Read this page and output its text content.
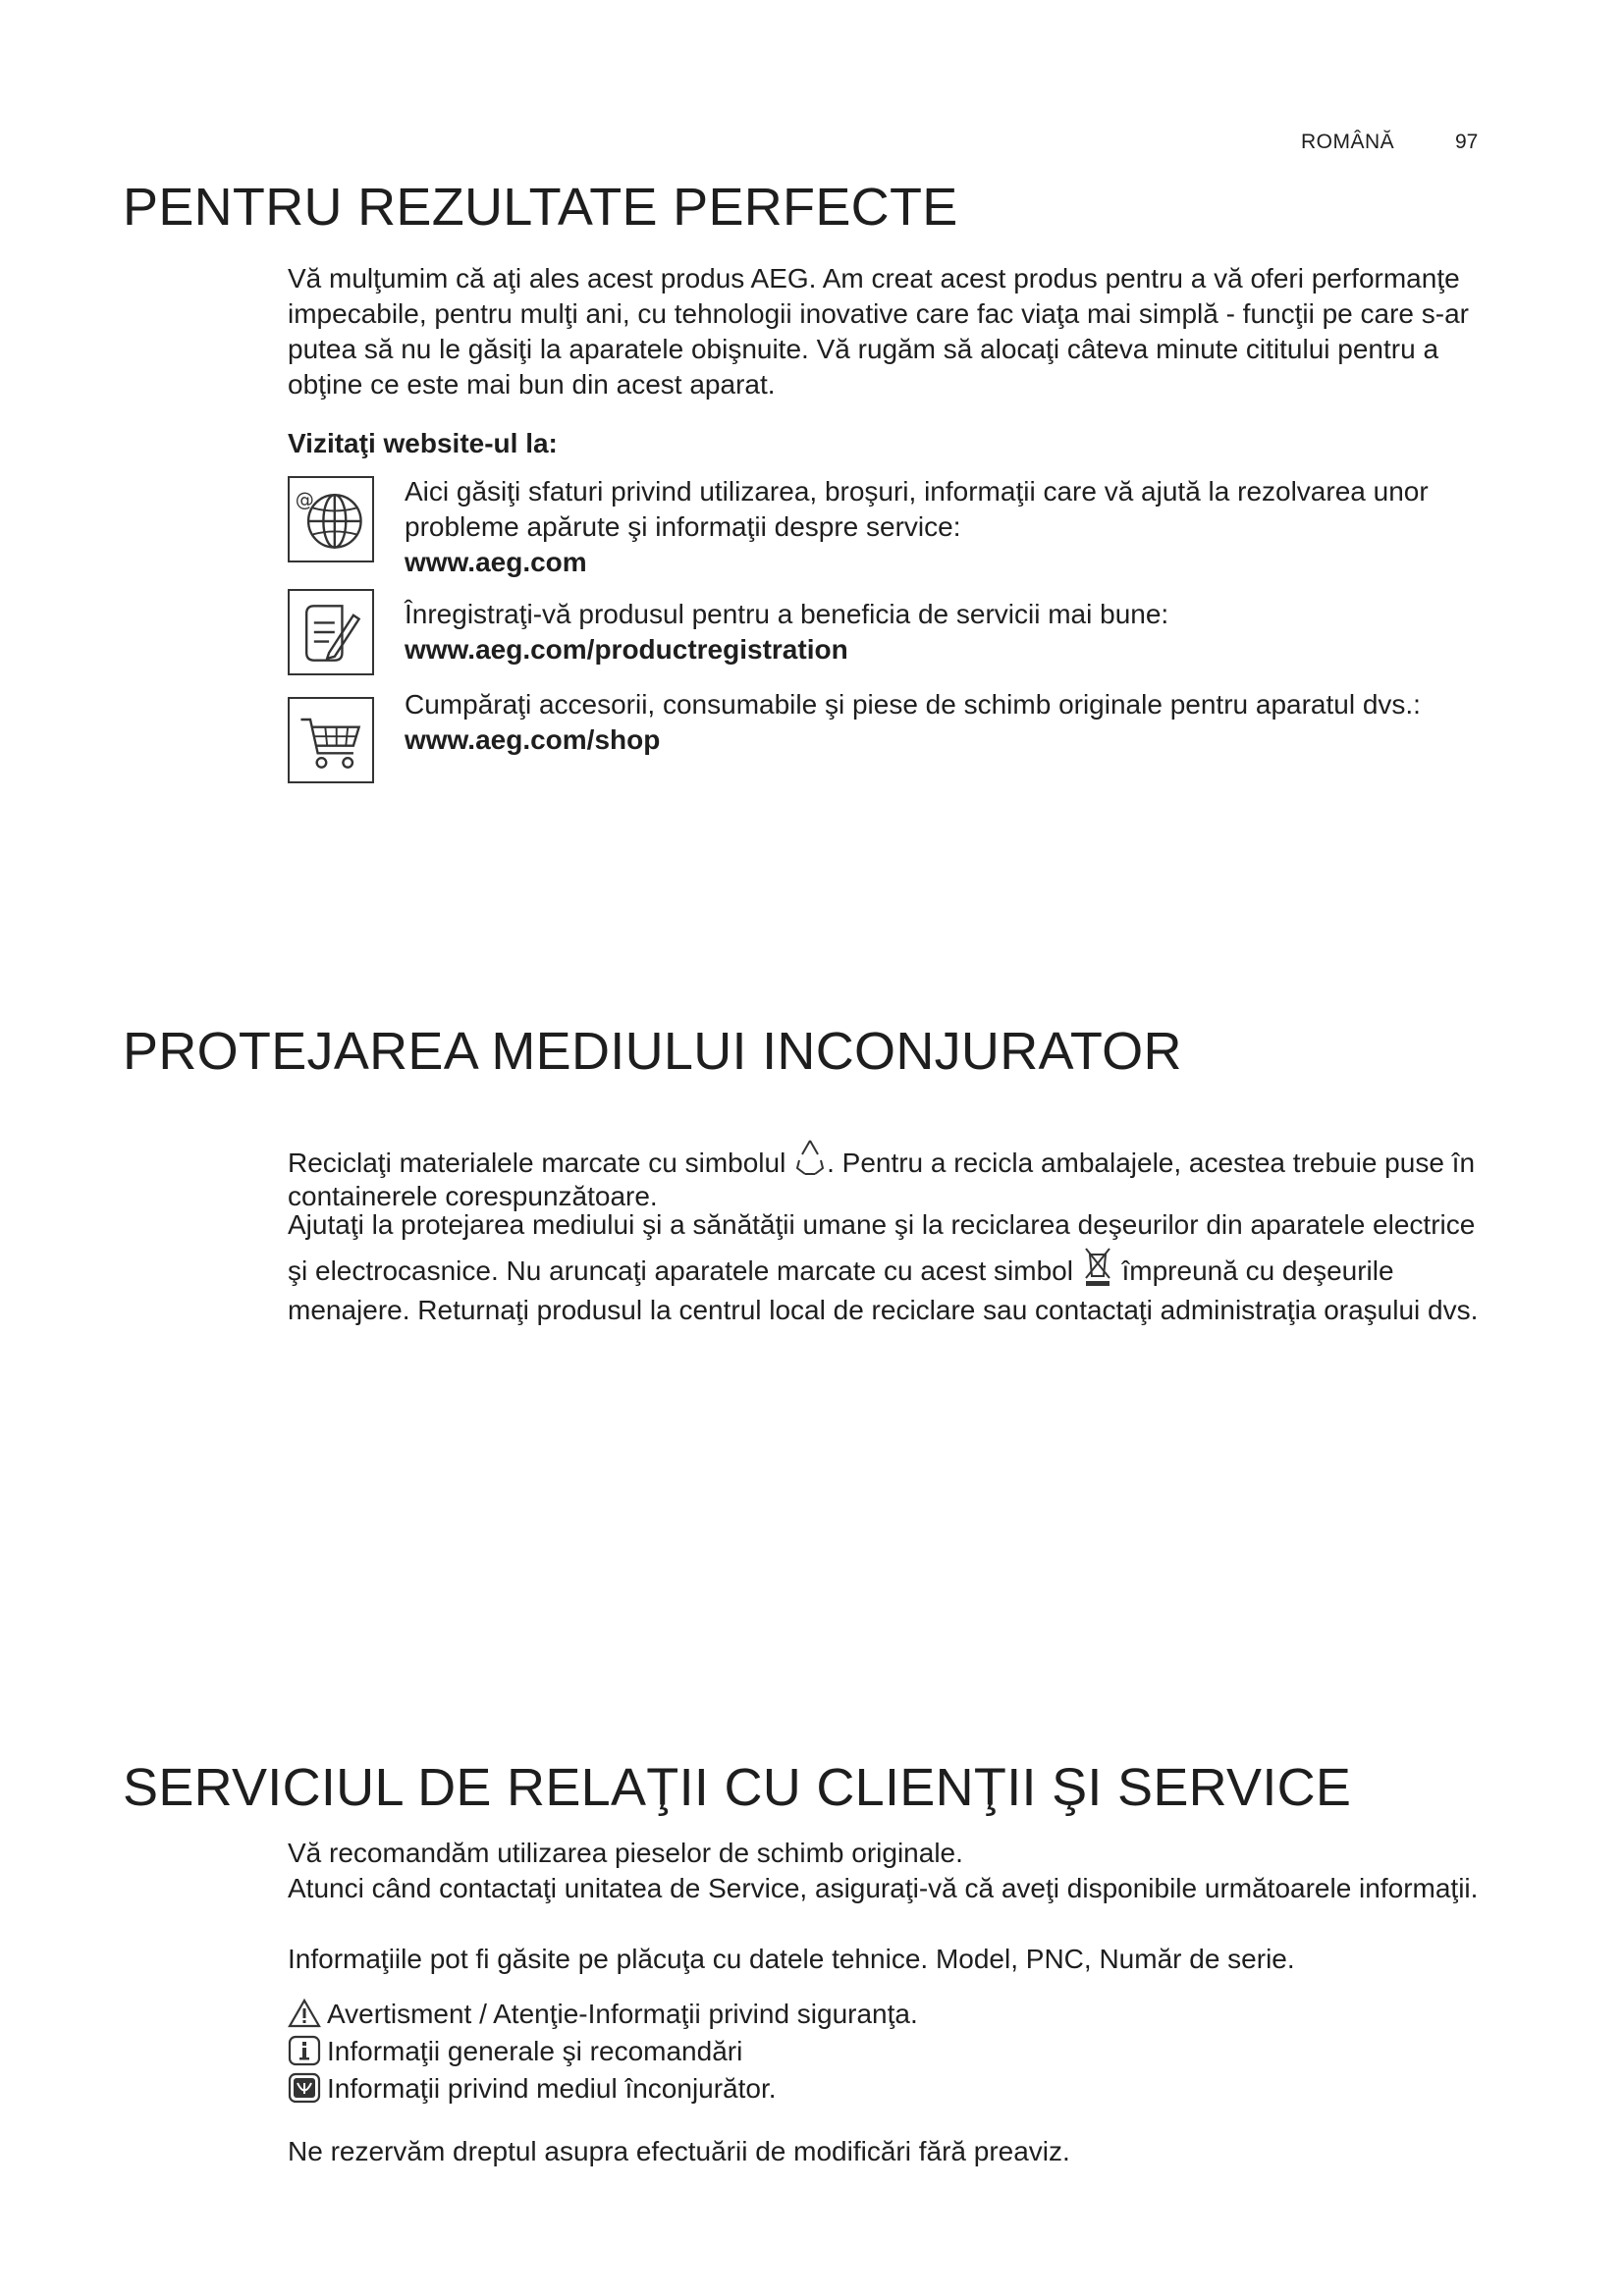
ROMÂNĂ	97
PENTRU REZULTATE PERFECTE

Vă mulţumim că aţi ales acest produs AEG. Am creat acest produs pentru a vă oferi performanţe impecabile, pentru mulţi ani, cu tehnologii inovative care fac viaţa mai simplă - funcţii pe care s-ar putea să nu le găsiţi la aparatele obişnuite. Vă rugăm să alocaţi câteva minute cititului pentru a obţine ce este mai bun din acest aparat.

Vizitaţi website-ul la:

@	Aici găsiţi sfaturi privind utilizarea, broşuri, informaţii care vă ajută la rezolvarea unor probleme apărute şi informaţii despre service:
www.aeg.com

Înregistraţi-vă produsul pentru a beneficia de servicii mai bune:
www.aeg.com/productregistration

Cumpăraţi accesorii, consumabile şi piese de schimb originale pentru aparatul dvs.:
www.aeg.com/shop

PROTEJAREA MEDIULUI INCONJURATOR

Reciclaţi materialele marcate cu simbolul . Pentru a recicla ambalajele, acestea trebuie puse în containerele corespunzătoare.

Ajutaţi la protejarea mediului şi a sănătăţii umane şi la reciclarea deşeurilor din aparatele electrice şi electrocasnice. Nu aruncaţi aparatele marcate cu acest simbol  împreună cu deşeurile menajere. Returnaţi produsul la centrul local de reciclare sau contactaţi administraţia oraşului dvs.

SERVICIUL DE RELAŢII CU CLIENŢII ŞI SERVICE

Vă recomandăm utilizarea pieselor de schimb originale.

Atunci când contactaţi unitatea de Service, asiguraţi-vă că aveţi disponibile următoarele informaţii.

Informaţiile pot fi găsite pe plăcuţa cu datele tehnice. Model, PNC, Număr de serie.

Avertisment / Atenţie-Informaţii privind siguranţa.
Informaţii generale şi recomandări
Informaţii privind mediul înconjurător.

Ne rezervăm dreptul asupra efectuării de modificări fără preaviz.
